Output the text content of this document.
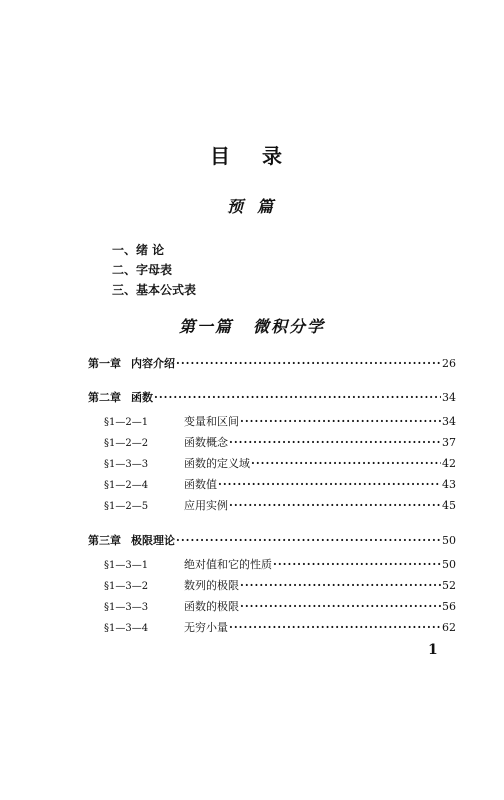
目录
预篇
一、绪 论
二、字母表
三、基本公式表
第一篇 微积分学
第一章 内容介绍 ·····	26
第二章 函数 ·····	34
§1—2—1	变量和区间 ·····	34
§1—2—2	函数概念 ·····	37
§1—3—3	函数的定义域 ·····	42
§1—2—4	函数值 ·····	43
§1—2—5	应用实例 ·····	45
第三章 极限理论 ·····	50
§1—3—1	绝对值和它的性质 ·····	50
§1—3—2	数列的极限 ·····	52
§1—3—3	函数的极限 ·····	56
§1—3—4	无穷小量 ·····	62
1
